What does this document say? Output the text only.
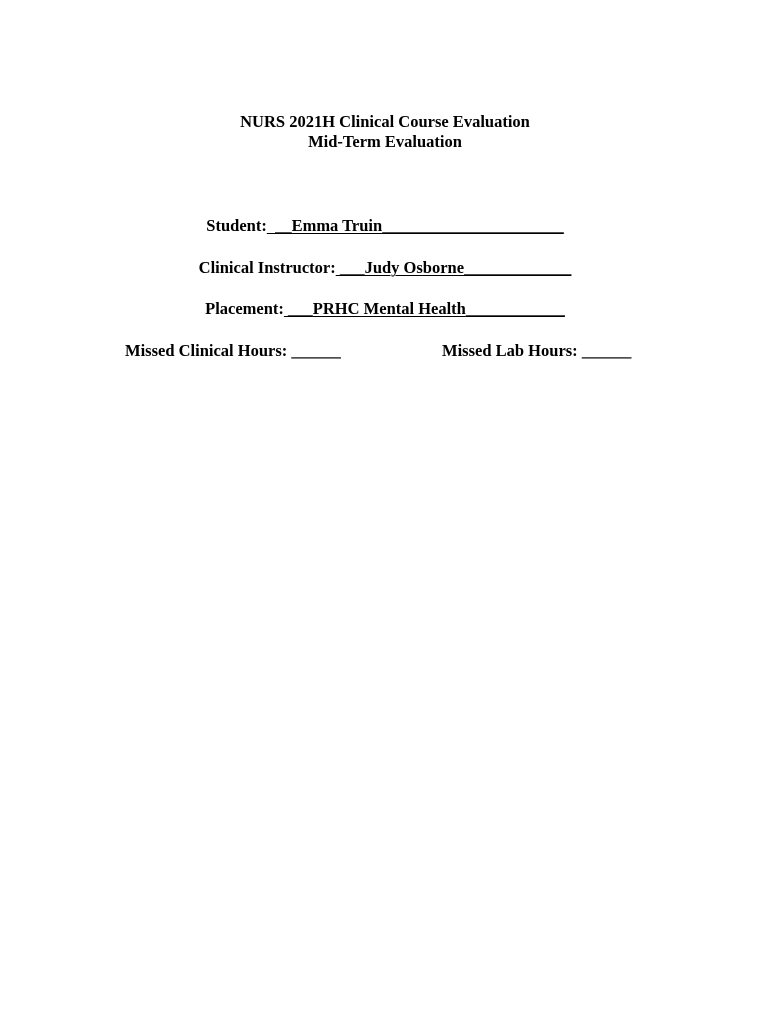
NURS 2021H Clinical Course Evaluation
Mid-Term Evaluation
Student:  __Emma Truin______________________
Clinical Instructor: ___Judy Osborne_____________
Placement: ___PRHC Mental Health____________
Missed Clinical Hours: ______	Missed Lab Hours: ______
